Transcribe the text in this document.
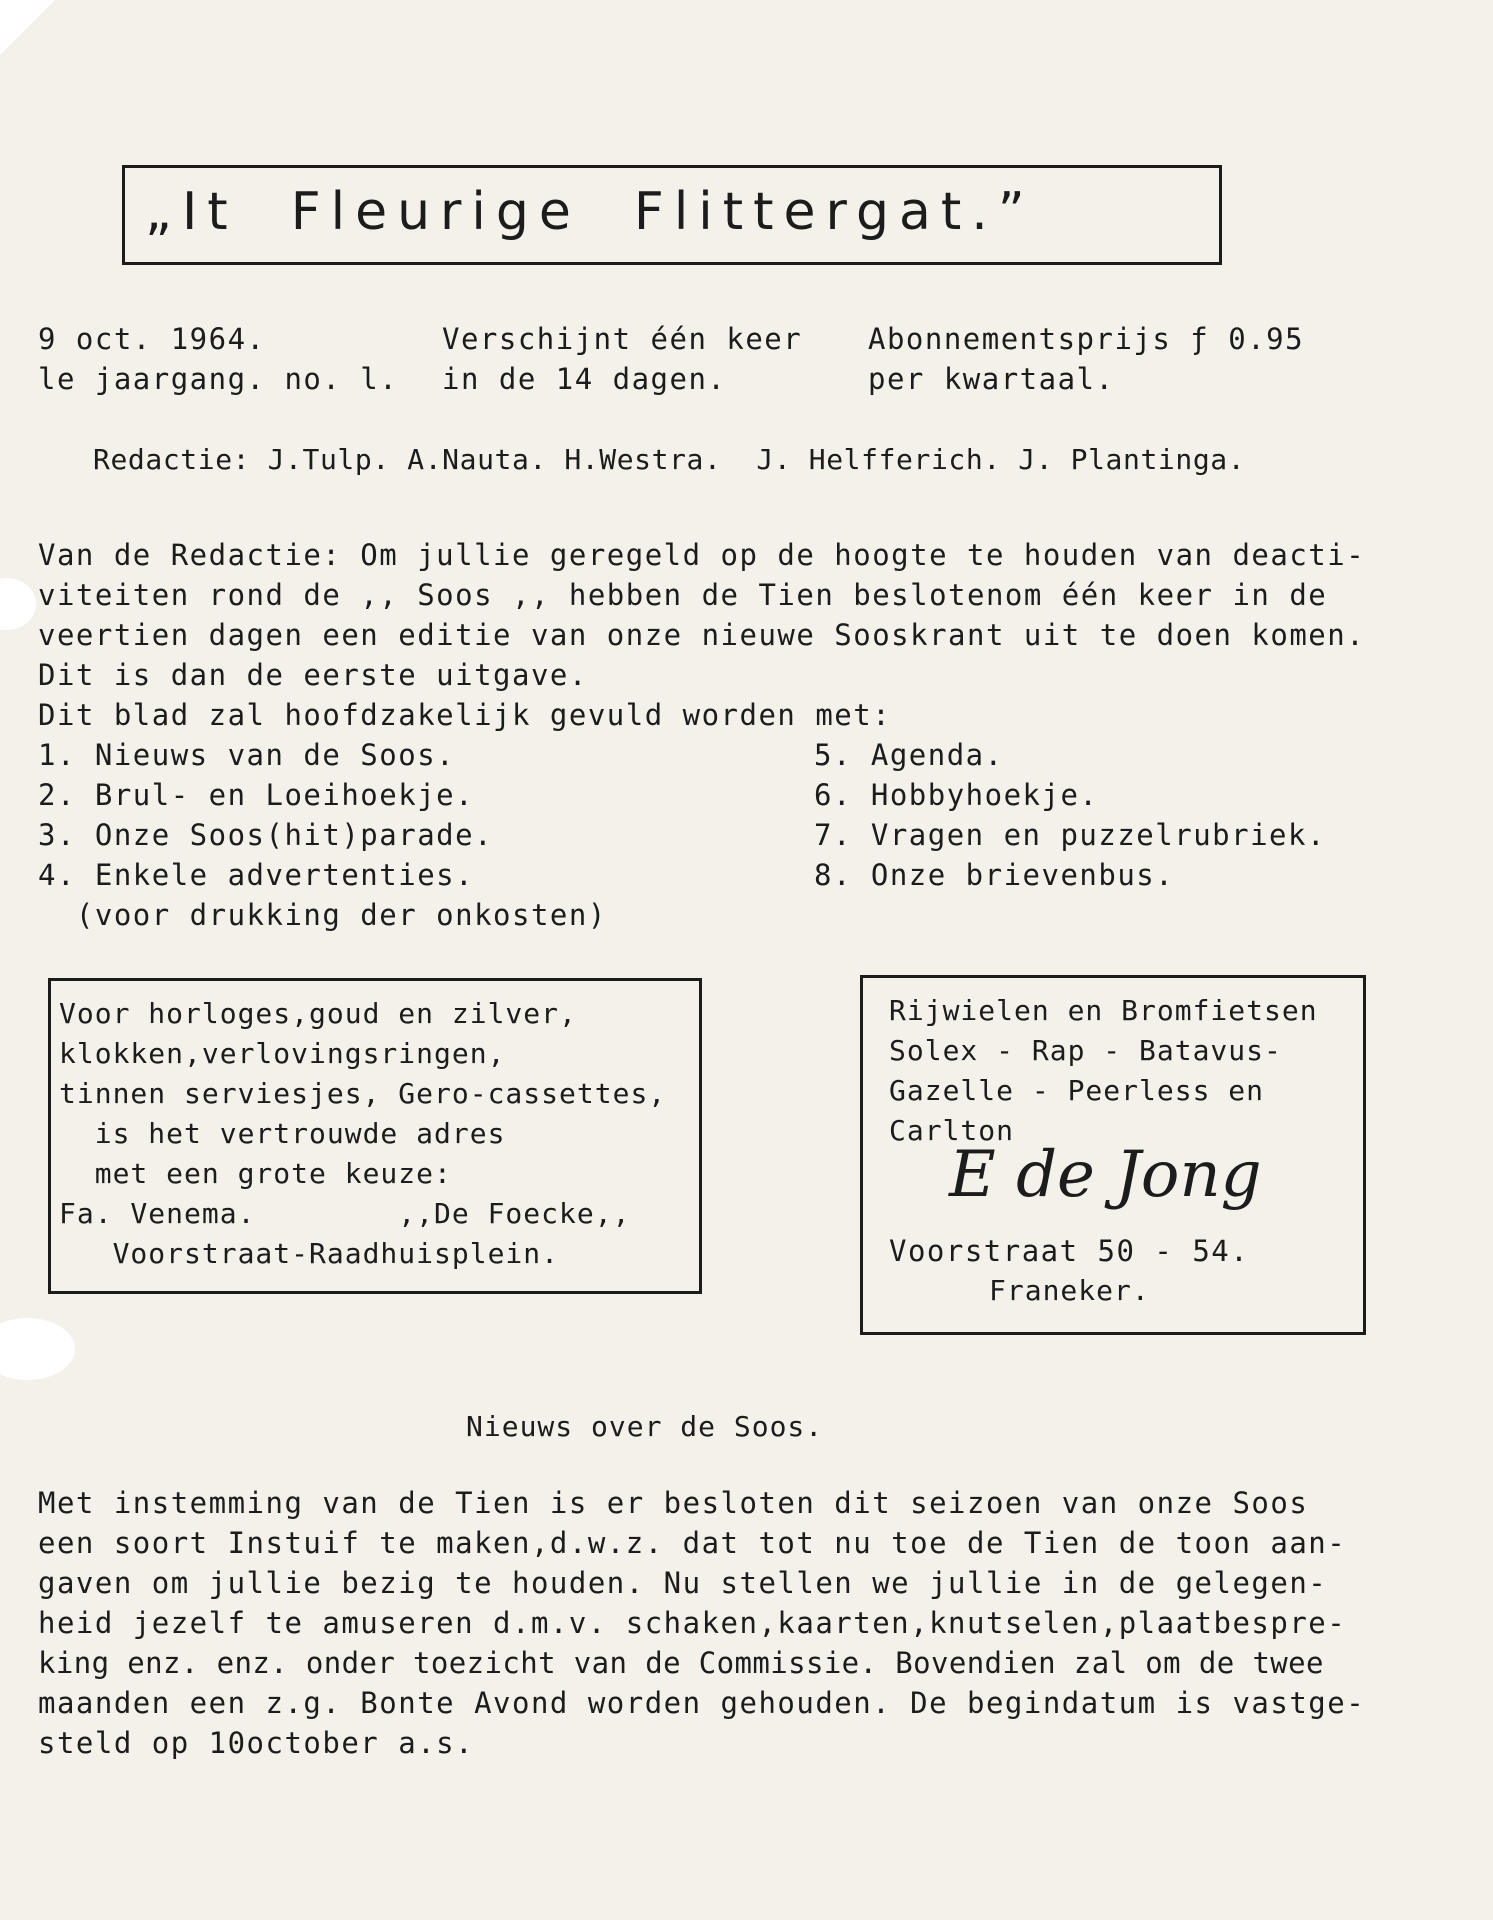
„It  Fleurige  Flittergat.”
9 oct. 1964.
le jaargang. no. l.
Verschijnt één keer
in de 14 dagen.
Abonnementsprijs ƒ 0.95
per kwartaal.
Redactie: J.Tulp. A.Nauta. H.Westra.  J. Helfferich. J. Plantinga.
Van de Redactie: Om jullie geregeld op de hoogte te houden van deacti-
viteiten rond de ,, Soos ,, hebben de Tien beslotenom één keer in de
veertien dagen een editie van onze nieuwe Sooskrant uit te doen komen.
Dit is dan de eerste uitgave.
Dit blad zal hoofdzakelijk gevuld worden met:
1. Nieuws van de Soos.
2. Brul- en Loeihoekje.
3. Onze Soos(hit)parade.
4. Enkele advertenties.
(voor drukking der onkosten)
5. Agenda.
6. Hobbyhoekje.
7. Vragen en puzzelrubriek.
8. Onze brievenbus.
Voor horloges,goud en zilver,
klokken,verlovingsringen,
tinnen serviesjes, Gero-cassettes,
is het vertrouwde adres
met een grote keuze:
Fa. Venema.        ,,De Foecke,,
Voorstraat-Raadhuisplein.
Rijwielen en Bromfietsen
Solex - Rap - Batavus-
Gazelle - Peerless en
Carlton
E de Jong
Voorstraat 50 - 54.
Franeker.
Nieuws over de Soos.
Met instemming van de Tien is er besloten dit seizoen van onze Soos
een soort Instuif te maken,d.w.z. dat tot nu toe de Tien de toon aan-
gaven om jullie bezig te houden. Nu stellen we jullie in de gelegen-
heid jezelf te amuseren d.m.v. schaken,kaarten,knutselen,plaatbespre-
king enz. enz. onder toezicht van de Commissie. Bovendien zal om de twee
maanden een z.g. Bonte Avond worden gehouden. De begindatum is vastge-
steld op 10october a.s.
